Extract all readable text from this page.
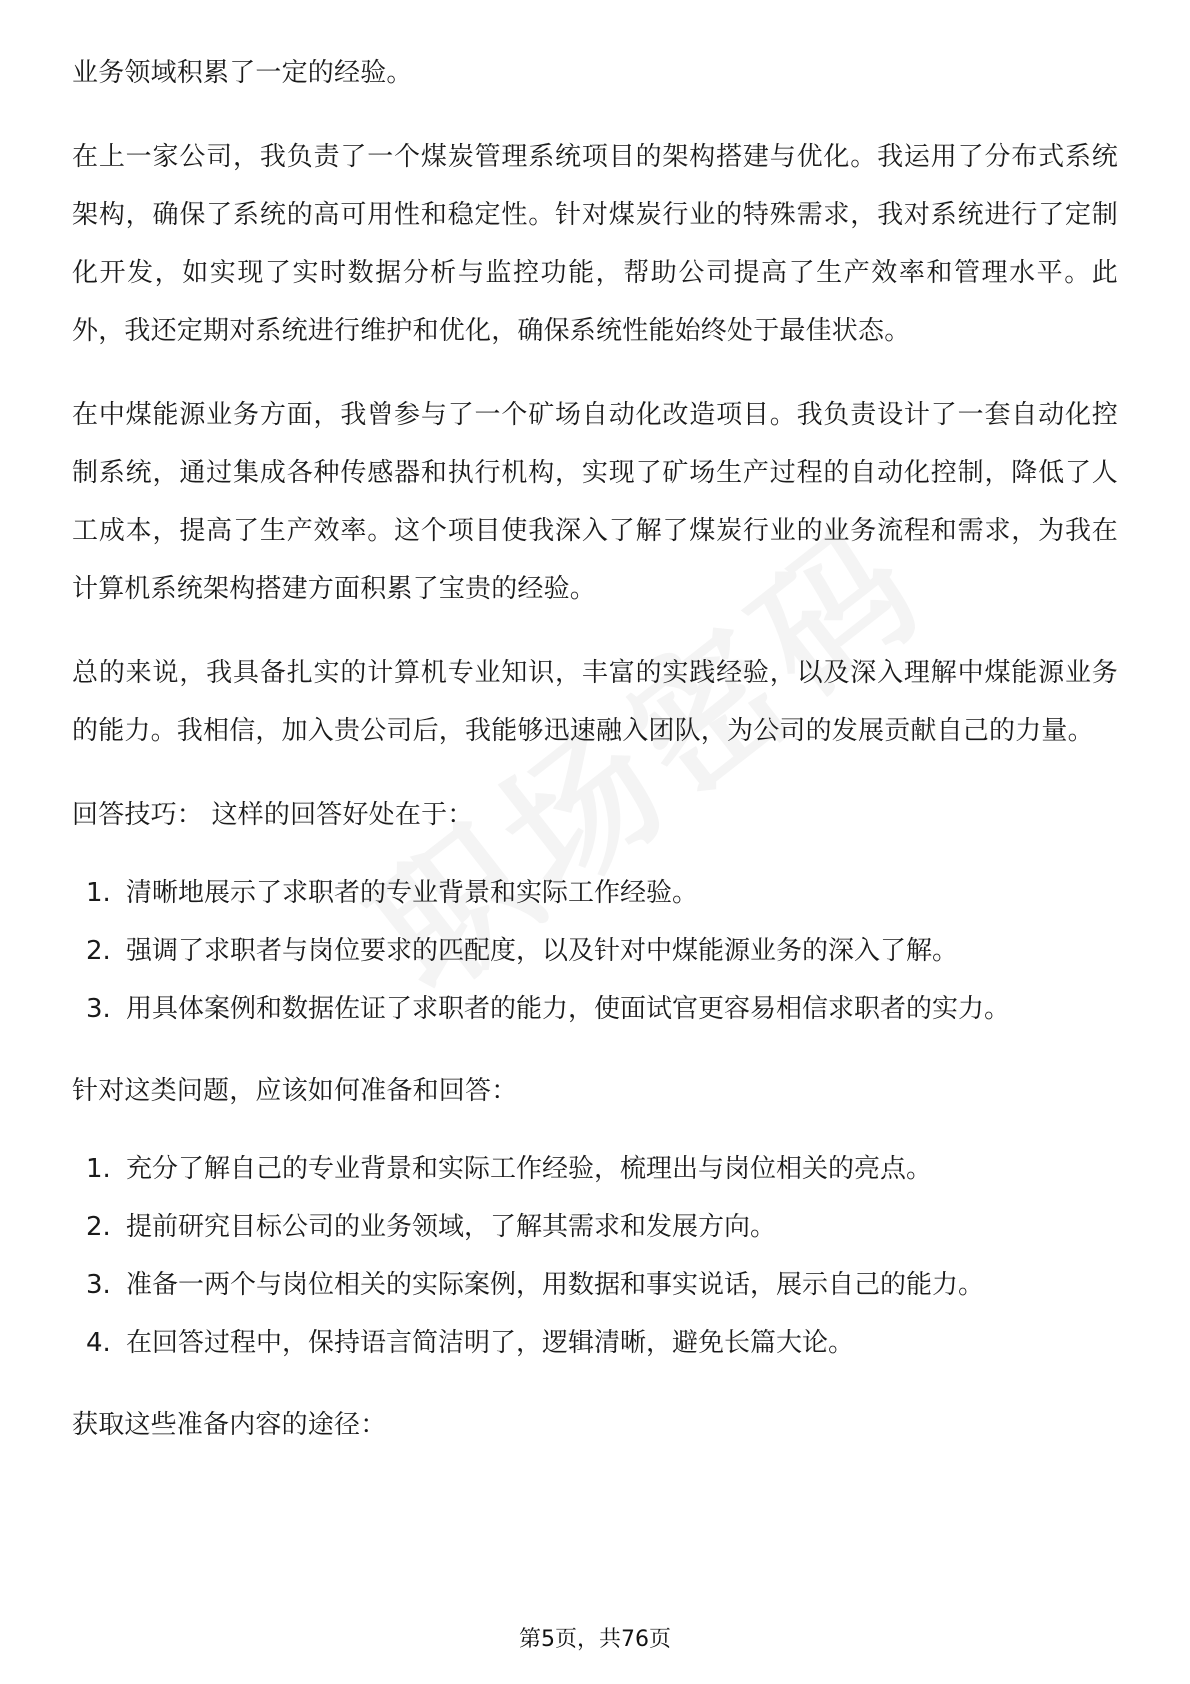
业务领域积累了一定的经验。

在上一家公司，我负责了一个煤炭管理系统项目的架构搭建与优化。我运用了分布式系统架构，确保了系统的高可用性和稳定性。针对煤炭行业的特殊需求，我对系统进行了定制化开发，如实现了实时数据分析与监控功能，帮助公司提高了生产效率和管理水平。此外，我还定期对系统进行维护和优化，确保系统性能始终处于最佳状态。

在中煤能源业务方面，我曾参与了一个矿场自动化改造项目。我负责设计了一套自动化控制系统，通过集成各种传感器和执行机构，实现了矿场生产过程的自动化控制，降低了人工成本，提高了生产效率。这个项目使我深入了解了煤炭行业的业务流程和需求，为我在计算机系统架构搭建方面积累了宝贵的经验。

总的来说，我具备扎实的计算机专业知识，丰富的实践经验，以及深入理解中煤能源业务的能力。我相信，加入贵公司后，我能够迅速融入团队，为公司的发展贡献自己的力量。

回答技巧： 这样的回答好处在于：

1. 清晰地展示了求职者的专业背景和实际工作经验。
2. 强调了求职者与岗位要求的匹配度，以及针对中煤能源业务的深入了解。
3. 用具体案例和数据佐证了求职者的能力，使面试官更容易相信求职者的实力。

针对这类问题，应该如何准备和回答：

1. 充分了解自己的专业背景和实际工作经验，梳理出与岗位相关的亮点。
2. 提前研究目标公司的业务领域，了解其需求和发展方向。
3. 准备一两个与岗位相关的实际案例，用数据和事实说话，展示自己的能力。
4. 在回答过程中，保持语言简洁明了，逻辑清晰，避免长篇大论。

获取这些准备内容的途径：

第5页，共76页
